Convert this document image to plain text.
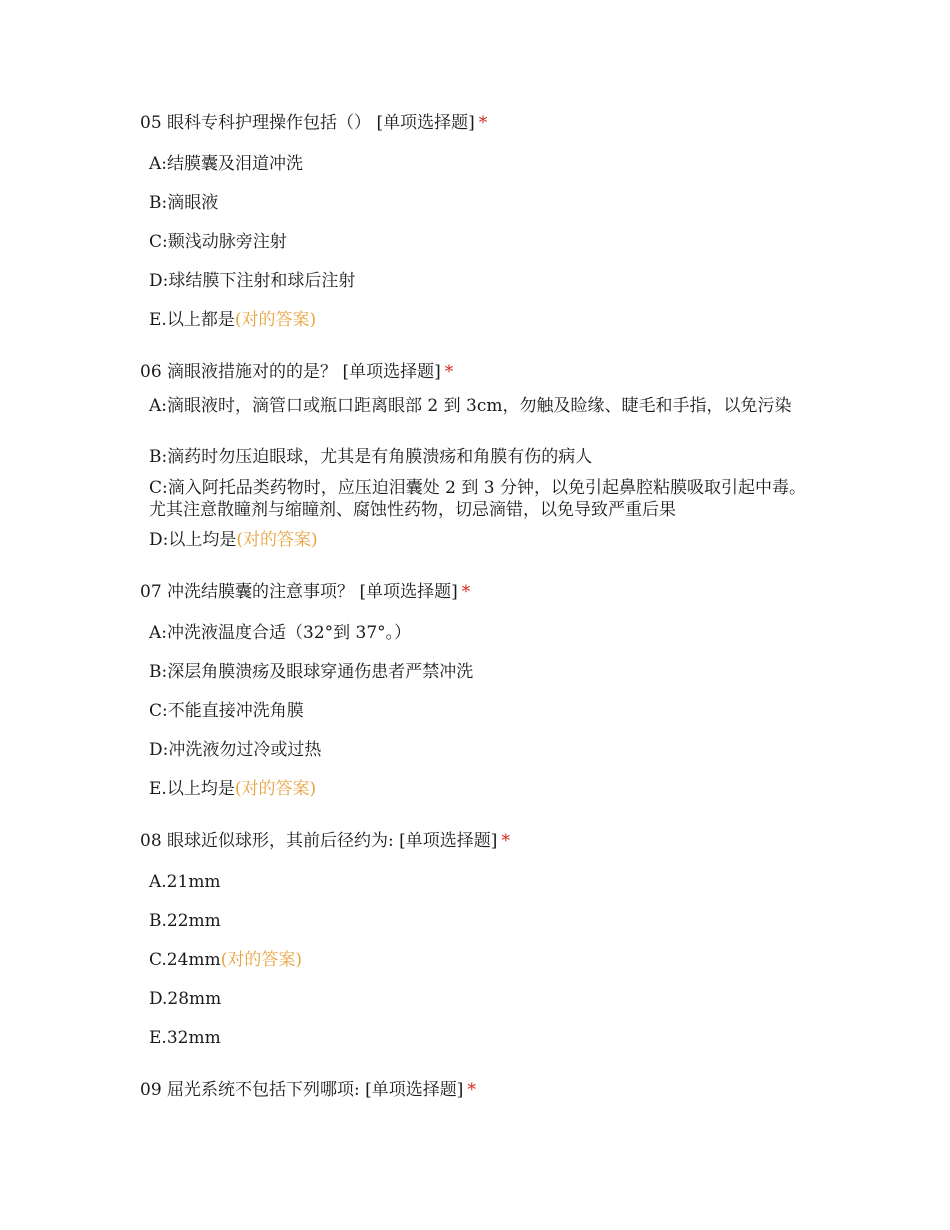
05 眼科专科护理操作包括（） [单项选择题] *
A:结膜囊及泪道冲洗
B:滴眼液
C:颞浅动脉旁注射
D:球结膜下注射和球后注射
E.以上都是(对的答案)
06 滴眼液措施对的的是？ [单项选择题] *
A:滴眼液时，滴管口或瓶口距离眼部 2 到 3cm，勿触及睑缘、睫毛和手指，以免污染
B:滴药时勿压迫眼球，尤其是有角膜溃疡和角膜有伤的病人
C:滴入阿托品类药物时，应压迫泪囊处 2 到 3 分钟，以免引起鼻腔粘膜吸取引起中毒。尤其注意散瞳剂与缩瞳剂、腐蚀性药物，切忌滴错，以免导致严重后果
D:以上均是(对的答案)
07 冲洗结膜囊的注意事项？ [单项选择题] *
A:冲洗液温度合适（32°到 37°。）
B:深层角膜溃疡及眼球穿通伤患者严禁冲洗
C:不能直接冲洗角膜
D:冲洗液勿过冷或过热
E.以上均是(对的答案)
08 眼球近似球形，其前后径约为: [单项选择题] *
A.21mm
B.22mm
C.24mm(对的答案)
D.28mm
E.32mm
09 屈光系统不包括下列哪项: [单项选择题] *
